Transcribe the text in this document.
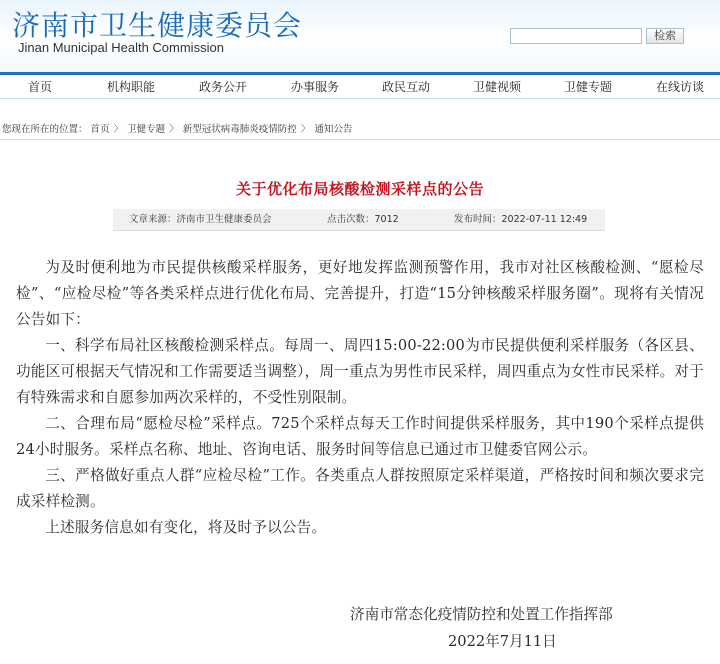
济南市卫生健康委员会
Jinan Municipal Health Commission
检索
首页	机构职能	政务公开	办事服务	政民互动	卫健视频	卫健专题	在线访谈
您现在所在的位置： 首页 〉 卫健专题 〉 新型冠状病毒肺炎疫情防控 〉 通知公告
关于优化布局核酸检测采样点的公告
文章来源：济南市卫生健康委员会	点击次数：7012	发布时间：2022-07-11 12:49

为及时便利地为市民提供核酸采样服务，更好地发挥监测预警作用，我市对社区核酸检测、“愿检尽检”、“应检尽检”等各类采样点进行优化布局、完善提升，打造“15分钟核酸采样服务圈”。现将有关情况公告如下：

一、科学布局社区核酸检测采样点。每周一、周四15:00-22:00为市民提供便利采样服务（各区县、功能区可根据天气情况和工作需要适当调整），周一重点为男性市民采样，周四重点为女性市民采样。对于有特殊需求和自愿参加两次采样的，不受性别限制。

二、合理布局“愿检尽检”采样点。725个采样点每天工作时间提供采样服务，其中190个采样点提供24小时服务。采样点名称、地址、咨询电话、服务时间等信息已通过市卫健委官网公示。

三、严格做好重点人群“应检尽检”工作。各类重点人群按照原定采样渠道，严格按时间和频次要求完成采样检测。

上述服务信息如有变化，将及时予以公告。

济南市常态化疫情防控和处置工作指挥部
2022年7月11日
